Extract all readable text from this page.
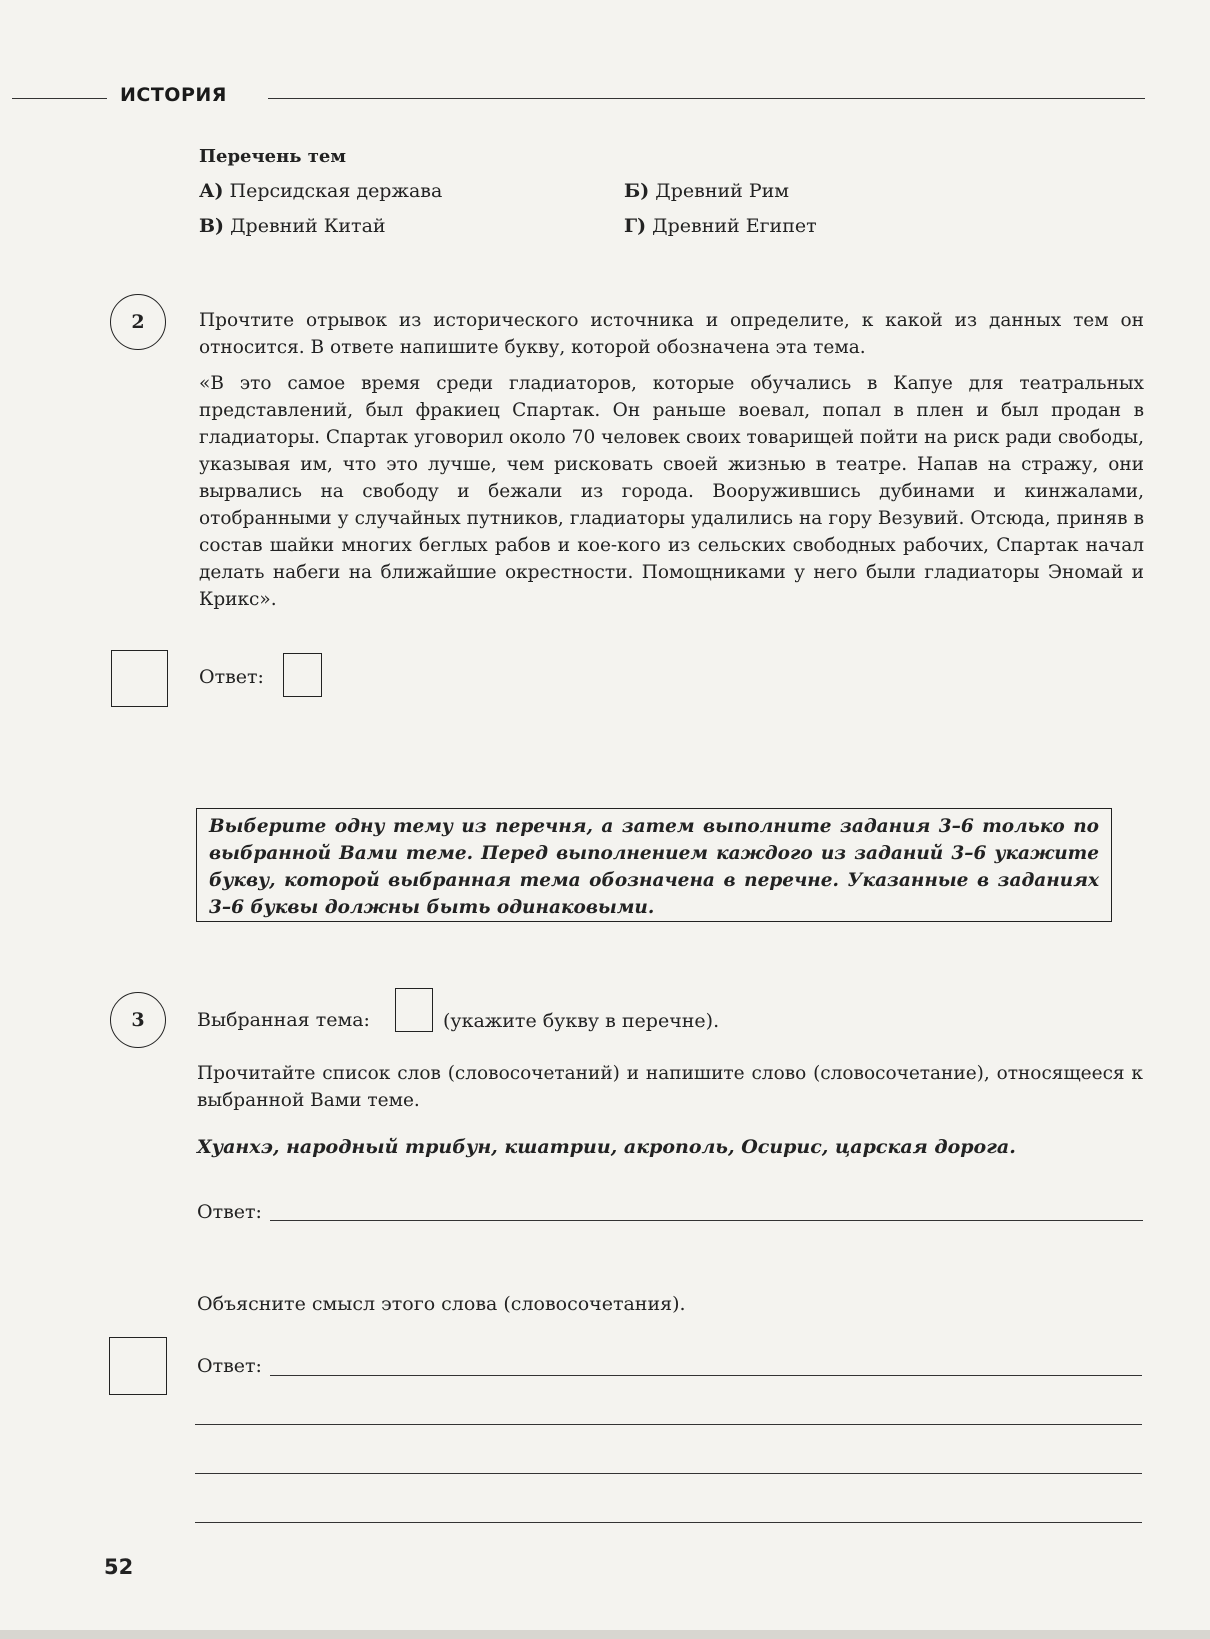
ИСТОРИЯ
Перечень тем
А) Персидская держава	Б) Древний Рим
В) Древний Китай	Г) Древний Египет
2	Прочтите отрывок из исторического источника и определите, к какой из данных тем он относится. В ответе напишите букву, которой обозначена эта тема.
«В это самое время среди гладиаторов, которые обучались в Капуе для театральных представлений, был фракиец Спартак. Он раньше воевал, попал в плен и был продан в гладиаторы. Спартак уговорил около 70 человек своих товарищей пойти на риск ради свободы, указывая им, что это лучше, чем рисковать своей жизнью в театре. Напав на стражу, они вырвались на свободу и бежали из города. Вооружившись дубинами и кинжалами, отобранными у случайных путников, гладиаторы удалились на гору Везувий. Отсюда, приняв в состав шайки многих беглых рабов и кое-кого из сельских свободных рабочих, Спартак начал делать набеги на ближайшие окрестности. Помощниками у него были гладиаторы Эномай и Крикс».
Ответ:
Выберите одну тему из перечня, а затем выполните задания 3–6 только по выбранной Вами теме. Перед выполнением каждого из заданий 3–6 укажите букву, которой выбранная тема обозначена в перечне. Указанные в заданиях 3–6 буквы должны быть одинаковыми.
3	Выбранная тема:	(укажите букву в перечне).
Прочитайте список слов (словосочетаний) и напишите слово (словосочетание), относящееся к выбранной Вами теме.
Хуанхэ, народный трибун, кшатрии, акрополь, Осирис, царская дорога.
Ответ:
Объясните смысл этого слова (словосочетания).
Ответ:
52
